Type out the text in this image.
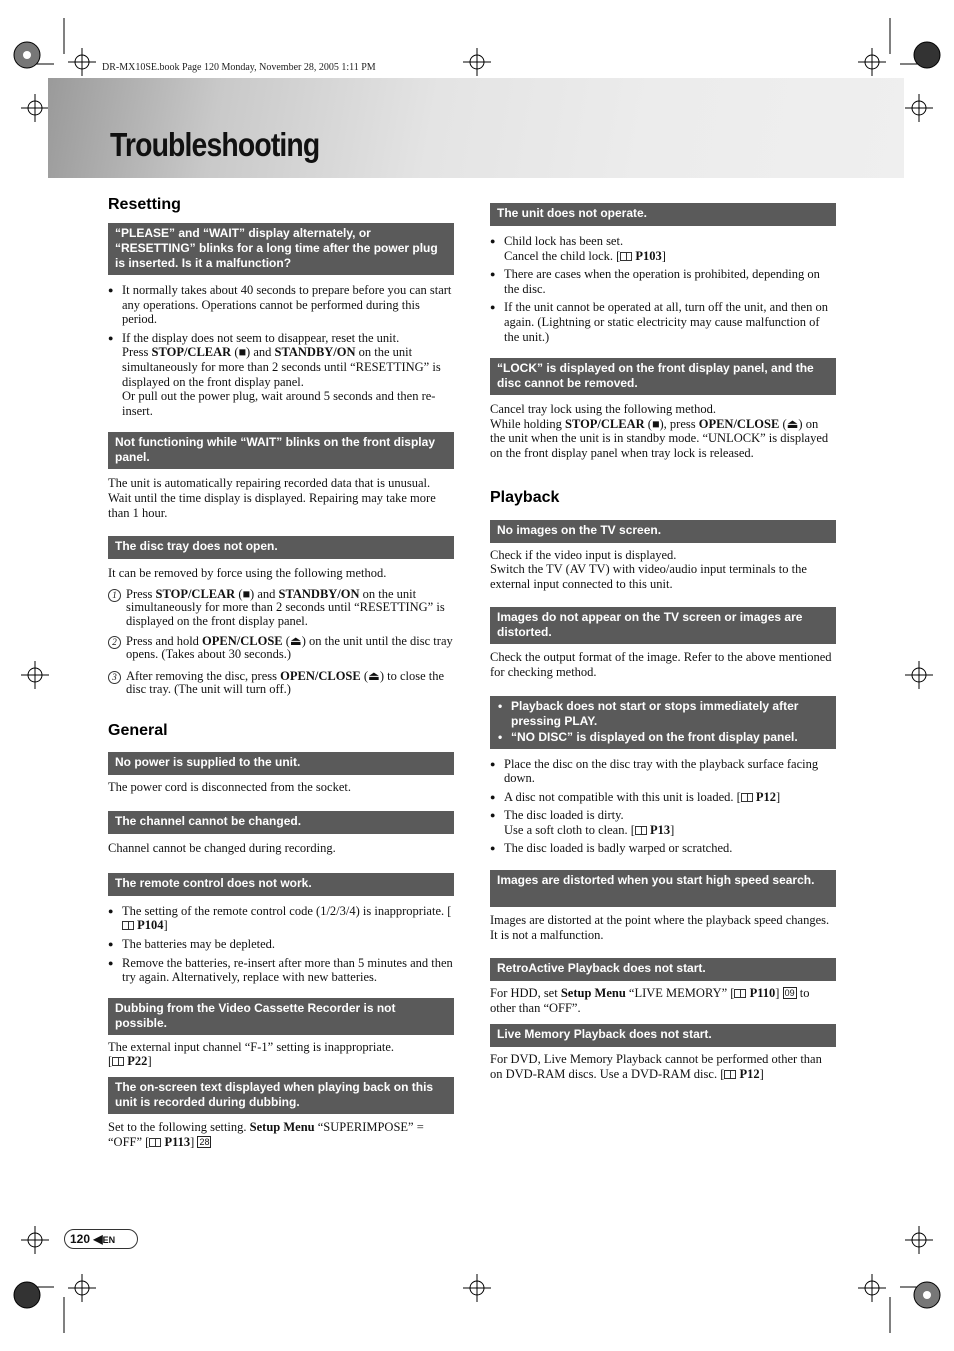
DR-MX10SE.book Page 120 Monday, November 28, 2005 1:11 PM
Troubleshooting
Resetting
“PLEASE” and “WAIT” display alternately, or “RESETTING” blinks for a long time after the power plug is inserted. Is it a malfunction?
● It normally takes about 40 seconds to prepare before you can start any operations. Operations cannot be performed during this period.
● If the display does not seem to disappear, reset the unit.
Press STOP/CLEAR (■) and STANDBY/ON on the unit simultaneously for more than 2 seconds until “RESETTING” is displayed on the front display panel.
Or pull out the power plug, wait around 5 seconds and then re-insert.
Not functioning while “WAIT” blinks on the front display panel.
The unit is automatically repairing recorded data that is unusual. Wait until the time display is displayed. Repairing may take more than 1 hour.
The disc tray does not open.
It can be removed by force using the following method.
1 Press STOP/CLEAR (■) and STANDBY/ON on the unit simultaneously for more than 2 seconds until “RESETTING” is displayed on the front display panel.
2 Press and hold OPEN/CLOSE (⏏) on the unit until the disc tray opens. (Takes about 30 seconds.)
3 After removing the disc, press OPEN/CLOSE (⏏) to close the disc tray. (The unit will turn off.)
General
No power is supplied to the unit.
The power cord is disconnected from the socket.
The channel cannot be changed.
Channel cannot be changed during recording.
The remote control does not work.
● The setting of the remote control code (1/2/3/4) is inappropriate. [ P104]
● The batteries may be depleted.
● Remove the batteries, re-insert after more than 5 minutes and then try again. Alternatively, replace with new batteries.
Dubbing from the Video Cassette Recorder is not possible.
The external input channel “F-1” setting is inappropriate.
[ P22]
The on-screen text displayed when playing back on this unit is recorded during dubbing.
Set to the following setting. Setup Menu “SUPERIMPOSE” = “OFF” [ P113] 28
The unit does not operate.
● Child lock has been set.
Cancel the child lock. [ P103]
● There are cases when the operation is prohibited, depending on the disc.
● If the unit cannot be operated at all, turn off the unit, and then on again. (Lightning or static electricity may cause malfunction of the unit.)
“LOCK” is displayed on the front display panel, and the disc cannot be removed.
Cancel tray lock using the following method.
While holding STOP/CLEAR (■), press OPEN/CLOSE (⏏) on the unit when the unit is in standby mode. “UNLOCK” is displayed on the front display panel when tray lock is released.
Playback
No images on the TV screen.
Check if the video input is displayed.
Switch the TV (AV TV) with video/audio input terminals to the external input connected to this unit.
Images do not appear on the TV screen or images are distorted.
Check the output format of the image. Refer to the above mentioned for checking method.
• Playback does not start or stops immediately after pressing PLAY.
• “NO DISC” is displayed on the front display panel.
● Place the disc on the disc tray with the playback surface facing down.
● A disc not compatible with this unit is loaded. [ P12]
● The disc loaded is dirty.
Use a soft cloth to clean. [ P13]
● The disc loaded is badly warped or scratched.
Images are distorted when you start high speed search.
Images are distorted at the point where the playback speed changes. It is not a malfunction.
RetroActive Playback does not start.
For HDD, set Setup Menu “LIVE MEMORY” [ P110] 09 to other than “OFF”.
Live Memory Playback does not start.
For DVD, Live Memory Playback cannot be performed other than on DVD-RAM discs. Use a DVD-RAM disc. [ P12]
120 ◀EN
